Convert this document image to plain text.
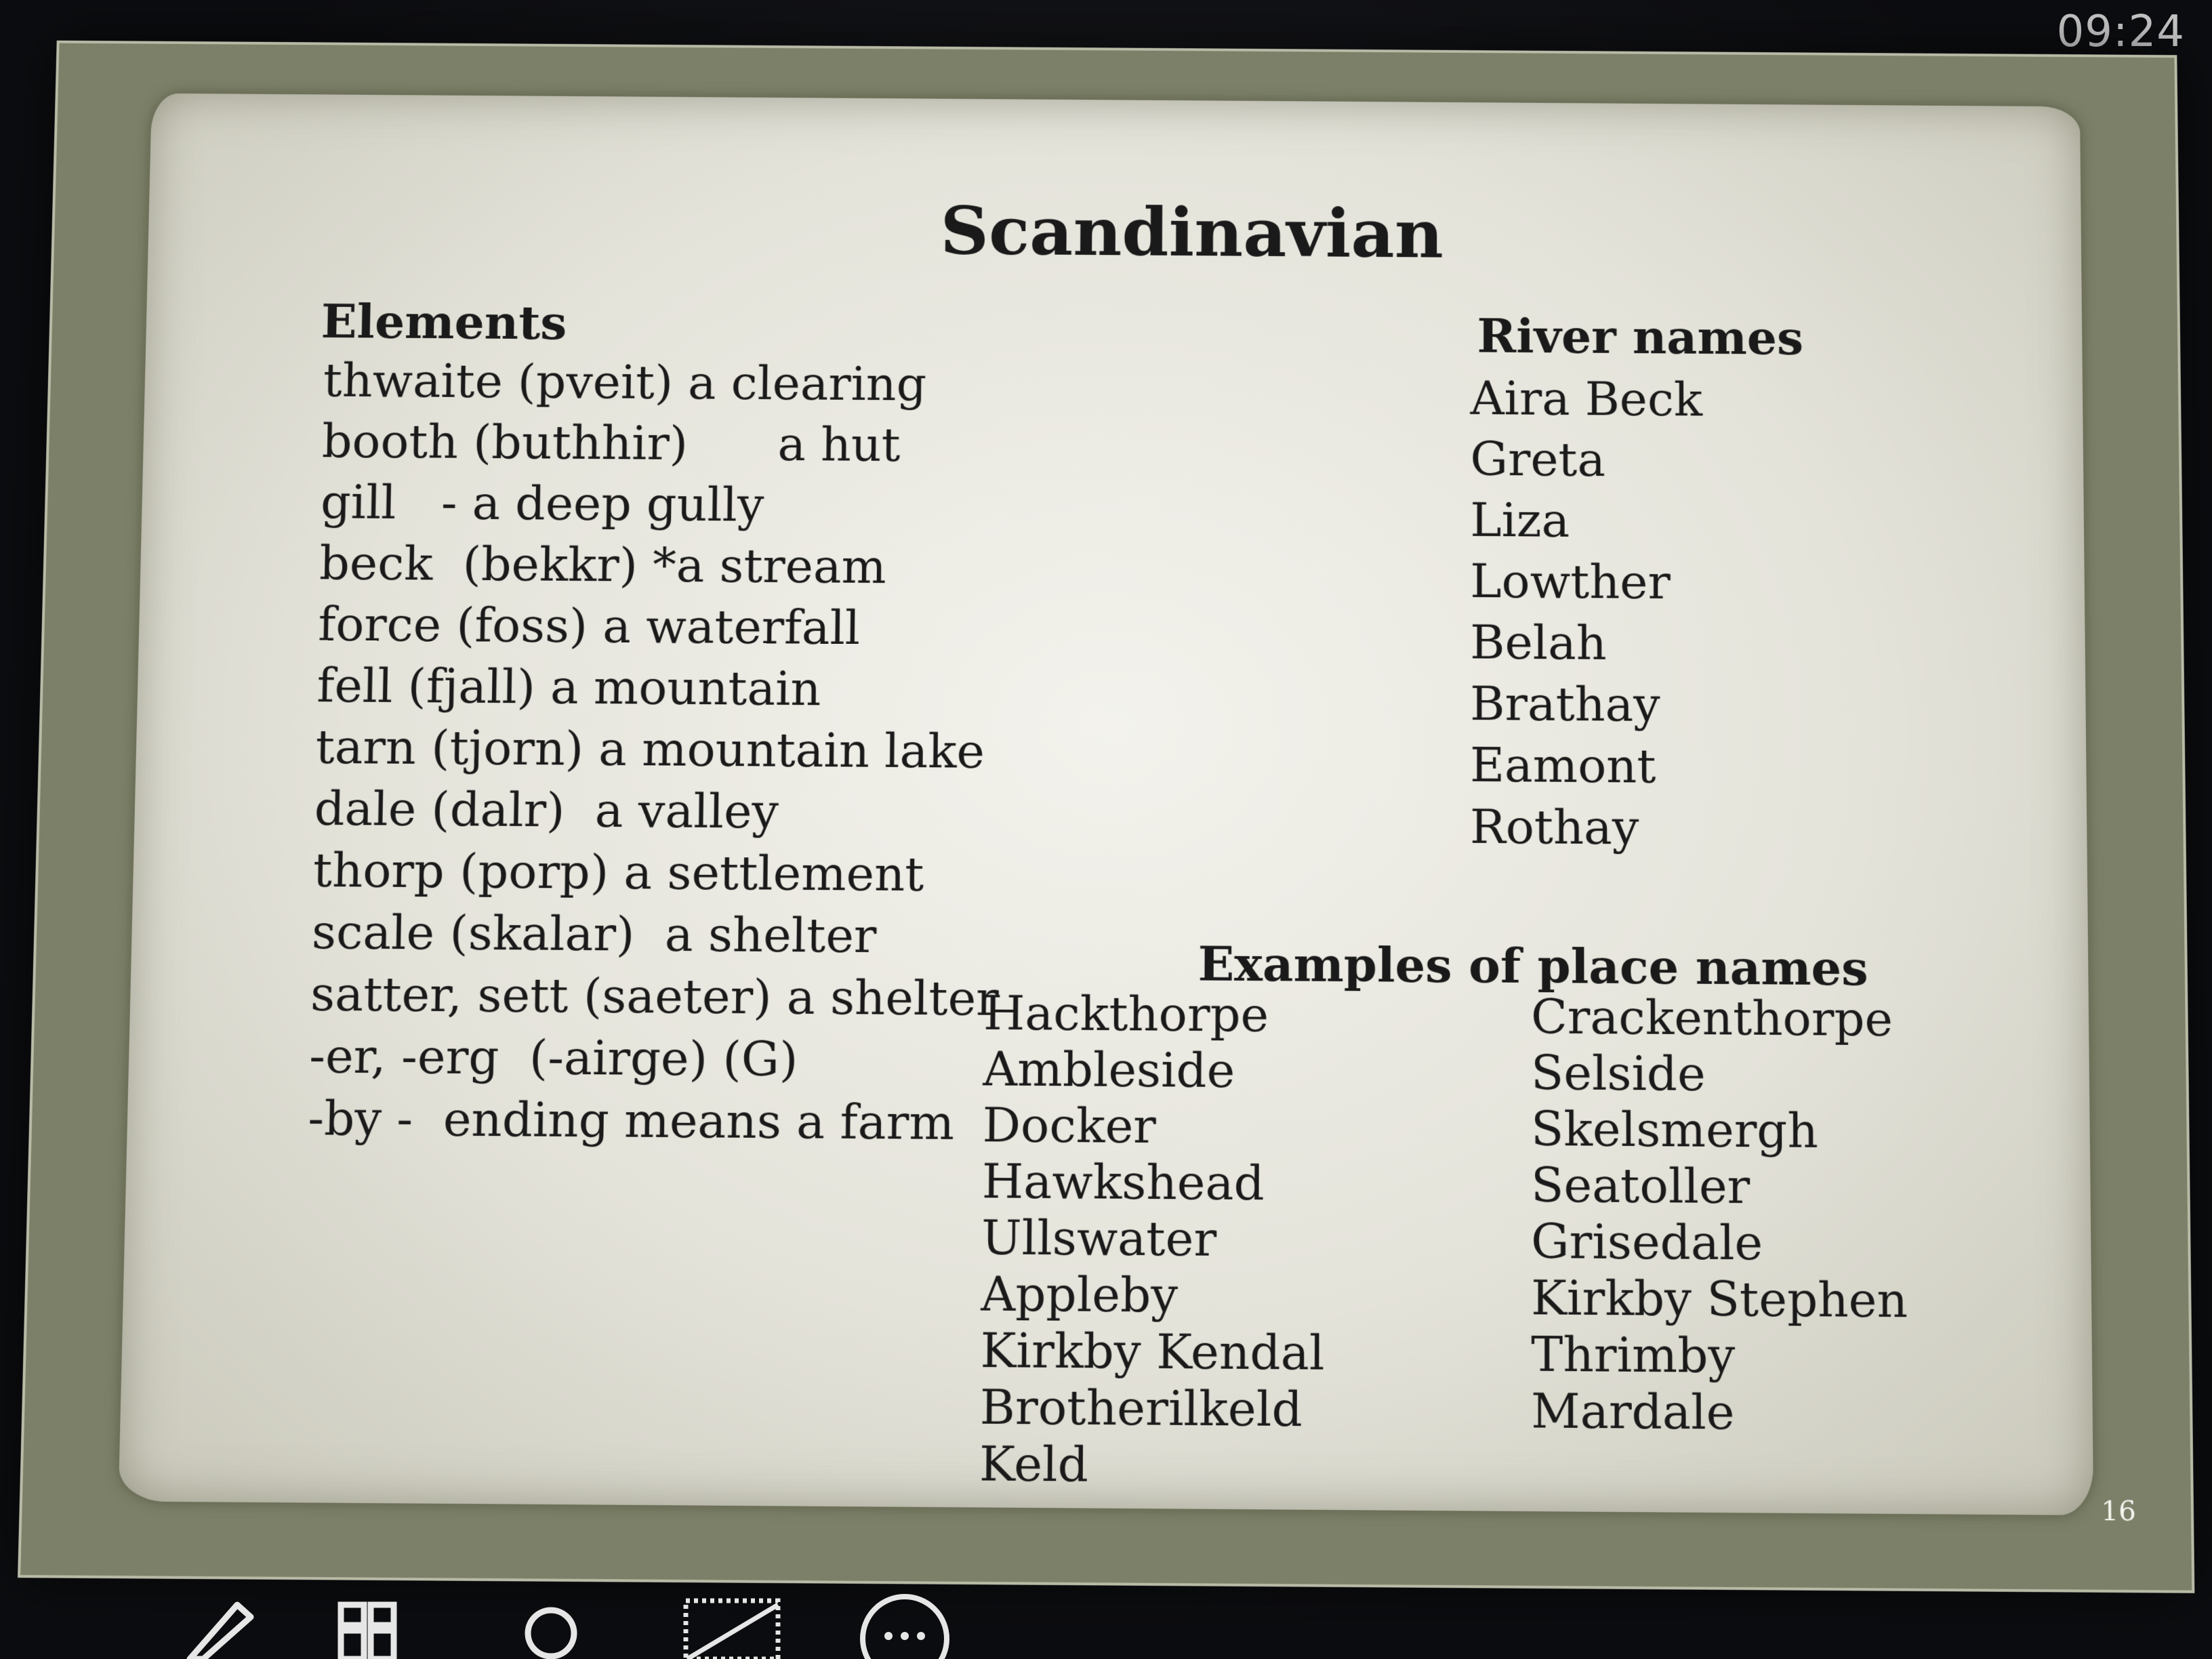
09:24
Scandinavian
Elements
thwaite (pveit) a clearing
booth (buthhir)      a hut
gill   - a deep gully
beck  (bekkr) *a stream
force (foss) a waterfall
fell (fjall) a mountain
tarn (tjorn) a mountain lake
dale (dalr)  a valley
thorp (porp) a settlement
scale (skalar)  a shelter
satter, sett (saeter) a shelter
-er, -erg  (-airge) (G)
-by -  ending means a farm
River names
Aira Beck
Greta
Liza
Lowther
Belah
Brathay
Eamont
Rothay
Examples of place names
Hackthorpe
Ambleside
Docker
Hawkshead
Ullswater
Appleby
Kirkby Kendal
Brotherilkeld
Keld
Crackenthorpe
Selside
Skelsmergh
Seatoller
Grisedale
Kirkby Stephen
Thrimby
Mardale
16
